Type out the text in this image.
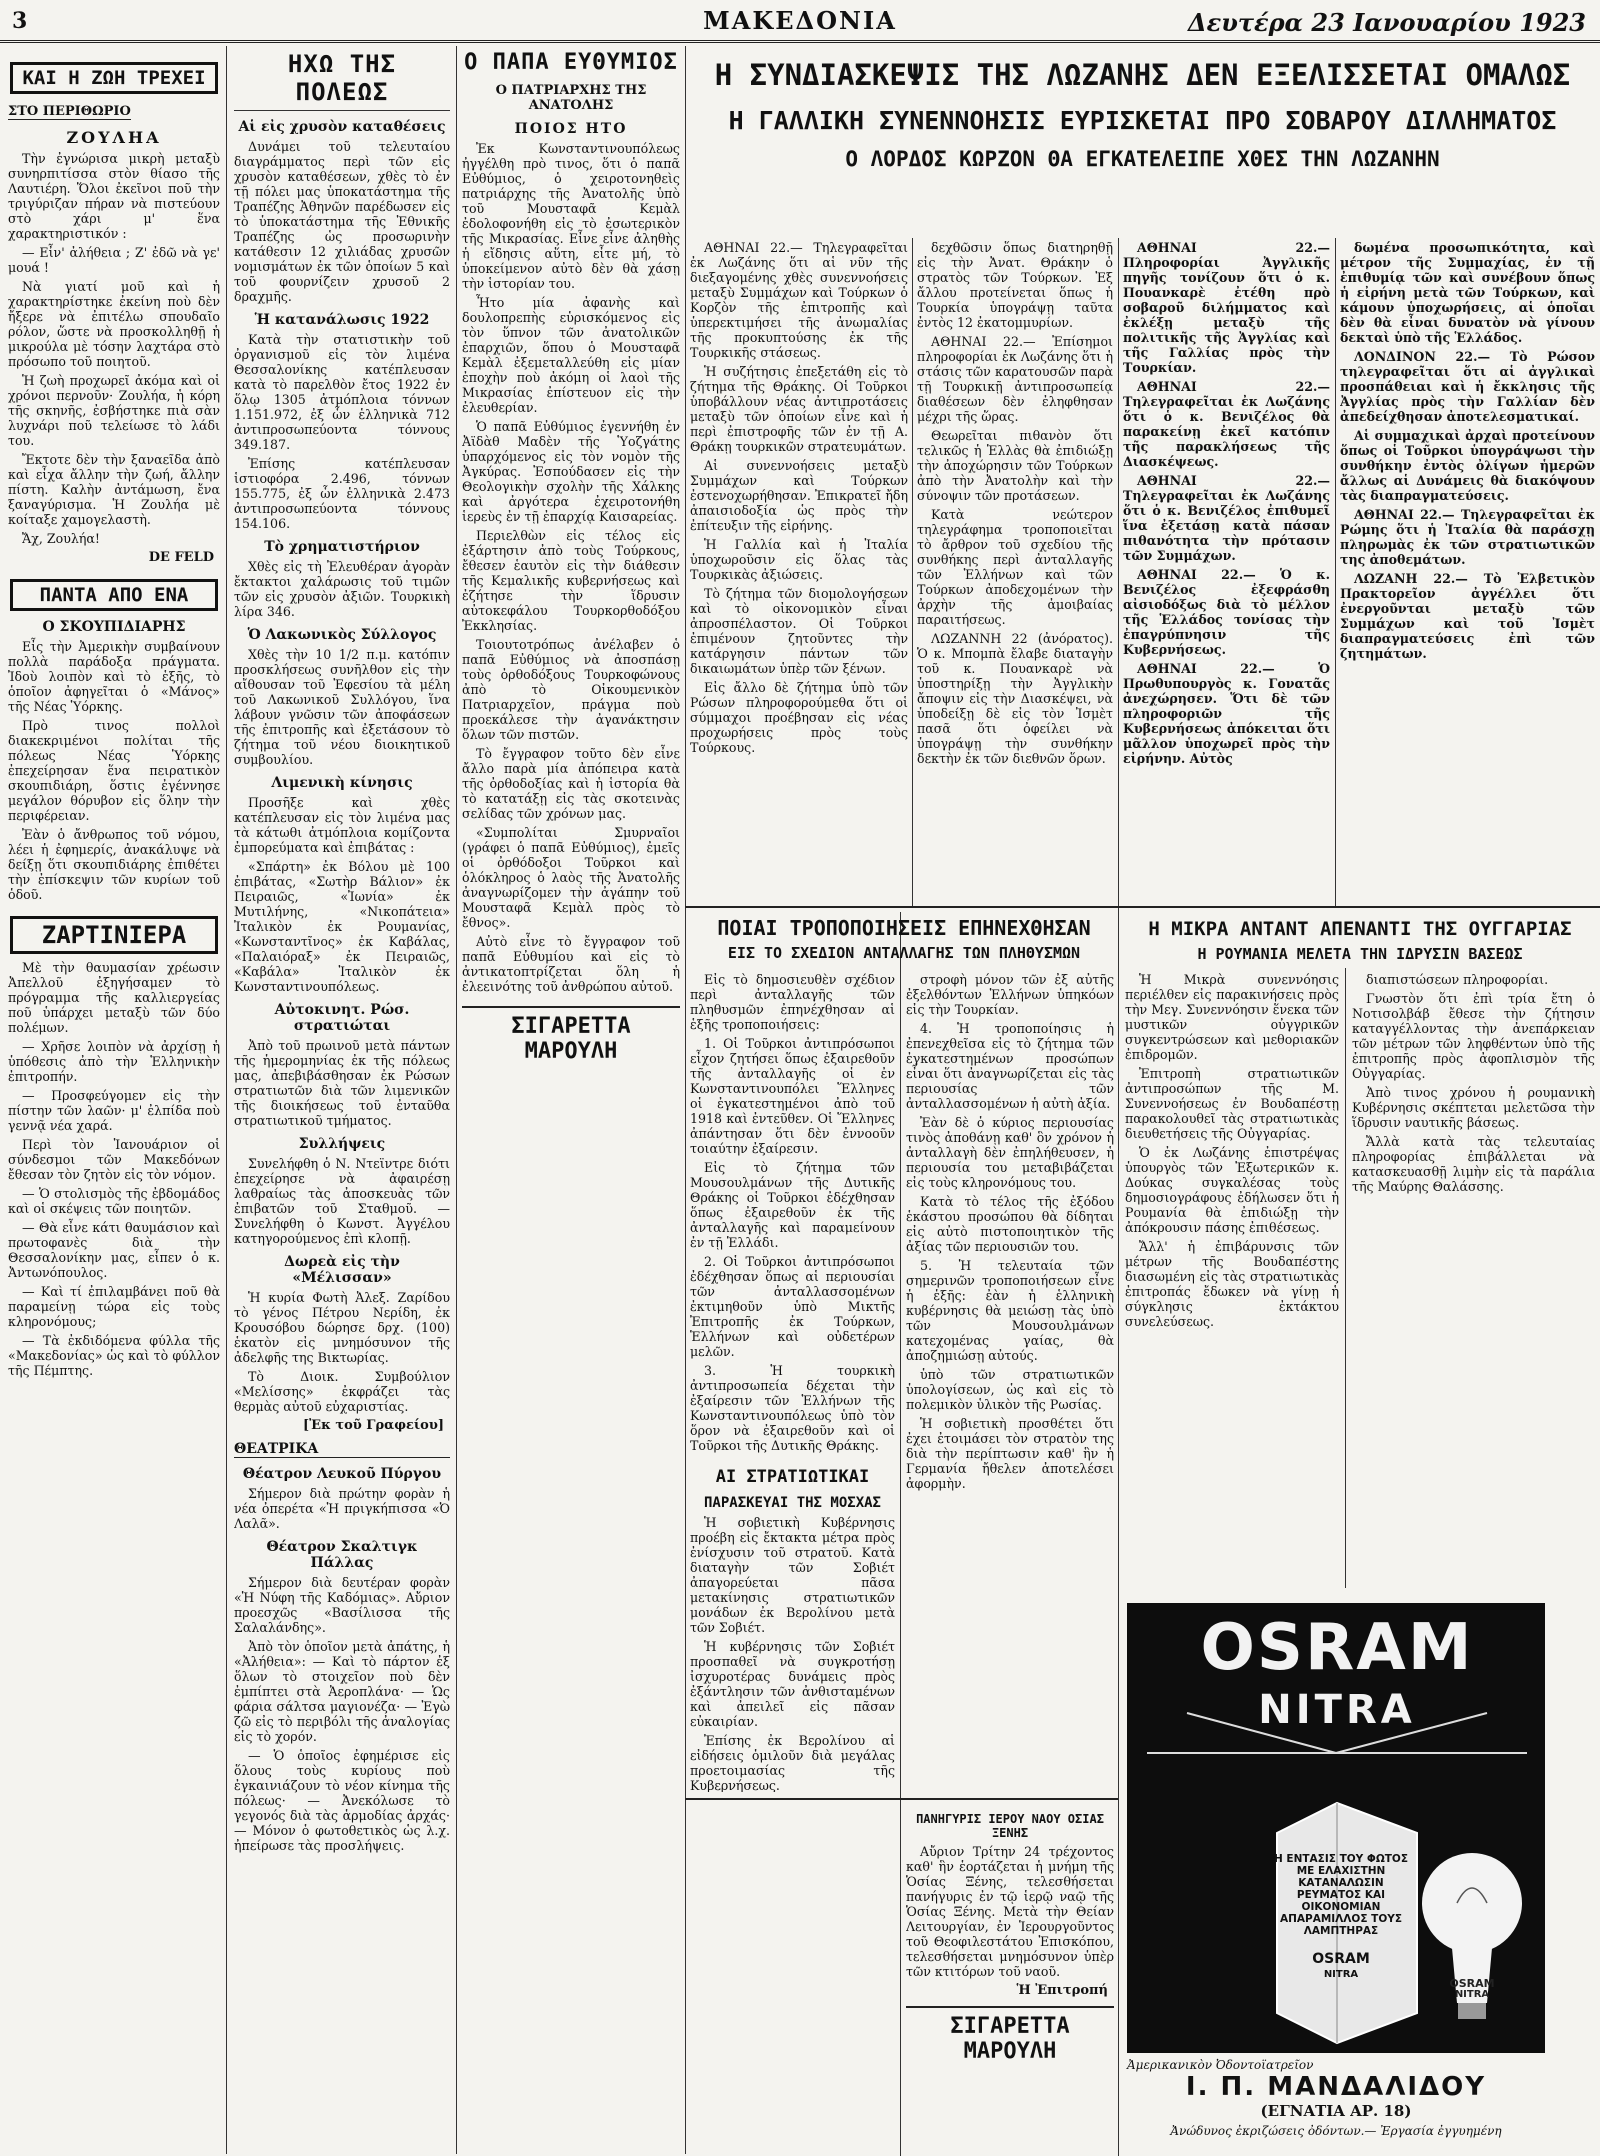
3	ΜΑΚΕΔΟΝΙΑ	Δευτέρα 23 Ιανουαρίου 1923
ΚΑΙ Η ΖΩΗ ΤΡΕΧΕΙ
ΣΤΟ ΠΕΡΙΘΩΡΙΟ
ΖΟΥΛΗΑ

Τὴν ἐγνώρισα μικρὴ μεταξὺ συνηρπιτίσσα στὸν θίασο τῆς Λαυτιέρη. Ὅλοι ἐκεῖνοι ποῦ τὴν τριγύριζαν πήραν νὰ πιστεύουν στὸ χάρι μ' ἕνα χαρακτηριστικόν :

— Εἶν' ἀλήθεια ; Ζ' ἐδῶ νὰ γε' μουά !

Νὰ γιατί μοῦ καὶ ἡ χαρακτηρίστηκε ἐκείνη ποὺ δὲν ἤξερε νὰ ἐπιτέλω σπουδαῖο ρόλον, ὥστε νὰ προσκολληθῇ ἡ μικρούλα μὲ τόσην λαχτάρα στὸ πρόσωπο τοῦ ποιητοῦ.

Ἡ ζωὴ προχωρεῖ ἀκόμα καὶ οἱ χρόνοι περνοῦν· Ζουλήα, ἡ κόρη τῆς σκηνῆς, ἐσβήστηκε πιὰ σὰν λυχνάρι ποῦ τελείωσε τὸ λάδι του.

Ἔκτοτε δὲν τὴν ξαναεῖδα ἀπὸ καὶ εἶχα ἄλλην τὴν ζωή, ἄλλην πίστη. Καλὴν ἀντάμωση, ἔνα ξαναγύρισμα. Ἡ Ζουλήα μὲ κοίταξε χαμογελαστὴ.

Ἄχ, Ζουλήα!

DE FELD
ΠΑΝΤΑ ΑΠΟ ΕΝΑ
Ο ΣΚΟΥΠΙΔΙΑΡΗΣ

Εἶς τὴν Ἀμερικὴν συμβαίνουν πολλὰ παράδοξα πράγματα. Ἰδοὺ λοιπὸν καὶ τὸ ἑξῆς, τὸ ὁποῖον ἀφηγεῖται ὁ «Μάνος» τῆς Νέας Ὑόρκης.

Πρὸ τινος πολλοὶ διακεκριμένοι πολίται τῆς πόλεως Νέας Ὑόρκης ἐπεχείρησαν ἕνα πειρατικὸν σκουπιδιάρη, ὅστις ἐγέννησε μεγάλον θόρυβον εἰς ὅλην τὴν περιφέρειαν.

Ἐὰν ὁ ἄνθρωπος τοῦ νόμου, λέει ἡ ἐφημερίς, ἀνακάλυψε νὰ δείξῃ ὅτι σκουπιδιάρης ἐπιθέτει τὴν ἐπίσκεψιν τῶν κυρίων τοῦ ὁδοῦ.

ΖΑΡΤΙΝΙΕΡΑ

Μὲ τὴν θαυμασίαν χρέωσιν Ἀπελλοῦ ἐξηγήσαμεν τὸ πρόγραμμα τῆς καλλιεργείας ποῦ ὑπάρχει μεταξὺ τῶν δύο πολέμων.

— Χρῆσε λοιπὸν νὰ ἀρχίσῃ ἡ ὑπόθεσις ἀπὸ τὴν Ἑλληνικὴν ἐπιτροπήν.

— Προσφεύγομεν εἰς τὴν πίστην τῶν λαῶν· μ' ἐλπίδα ποὺ γεννᾷ νέα χαρά.

Περὶ τὸν Ἰανουάριον οἱ σύνδεσμοι τῶν Μακεδόνων ἔθεσαν τὸν ζητὸν εἰς τὸν νόμον.

— Ὁ στολισμὸς τῆς ἐβδομάδος καὶ οἱ σκέψεις τῶν ποιητῶν.

— Θὰ εἶνε κάτι θαυμάσιον καὶ πρωτοφανὲς διὰ τὴν Θεσσαλονίκην μας, εἶπεν ὁ κ. Ἀντωνόπουλος.

— Καὶ τί ἐπιλαμβάνει ποῦ θὰ παραμείνῃ τώρα εἰς τοὺς κληρονόμους;

— Τὰ ἐκδιδόμενα φύλλα τῆς «Μακεδονίας» ὡς καὶ τὸ φύλλον τῆς Πέμπτης.

ΗΧΩ ΤΗΣ ΠΟΛΕΩΣ
Αἱ εἰς χρυσὸν καταθέσεις

Δυνάμει τοῦ τελευταίου διαγράμματος περὶ τῶν εἰς χρυσὸν καταθέσεων, χθὲς τὸ ἐν τῇ πόλει μας ὑποκατάστημα τῆς Τραπέζης Ἀθηνῶν παρέδωσεν εἰς τὸ ὑποκατάστημα τῆς Ἐθνικῆς Τραπέζης ὡς προσωρινὴν κατάθεσιν 12 χιλιάδας χρυσῶν νομισμάτων ἐκ τῶν ὁποίων 5 καὶ τοῦ φουρνίζειν χρυσοῦ 2 δραχμῆς.

Ἡ κατανάλωσις 1922

Κατὰ τὴν στατιστικὴν τοῦ ὀργανισμοῦ εἰς τὸν λιμένα Θεσσαλονίκης κατέπλευσαν κατὰ τὸ παρελθὸν ἔτος 1922 ἐν ὅλῳ 1305 ἀτμόπλοια τόννων 1.151.972, ἐξ ὧν ἑλληνικὰ 712 ἀντιπροσωπεύοντα τόννους 349.187.

Ἐπίσης κατέπλευσαν ἱστιοφόρα 2.496, τόννων 155.775, ἐξ ὧν ἑλληνικὰ 2.473 ἀντιπροσωπεύοντα τόννους 154.106.

Τὸ χρηματιστήριον

Χθὲς εἰς τὴ Ἐλευθέραν ἀγορὰν ἔκτακτοι χαλάρωσις τοῦ τιμῶν τῶν εἰς χρυσὸν ἀξιῶν. Τουρκικὴ λίρα 346.

Ὁ Λακωνικὸς Σύλλογος

Χθὲς τὴν 10 1/2 π.μ. κατόπιν προσκλήσεως συνῆλθον εἰς τὴν αἴθουσαν τοῦ Ἐφεσίου τὰ μέλη τοῦ Λακωνικοῦ Συλλόγου, ἵνα λάβουν γνῶσιν τῶν ἀποφάσεων τῆς ἐπιτροπῆς καὶ ἐξετάσουν τὸ ζήτημα τοῦ νέου διοικητικοῦ συμβουλίου.

Λιμενικὴ κίνησις

Προσῆξε καὶ χθὲς κατέπλευσαν εἰς τὸν λιμένα μας τὰ κάτωθι ἀτμόπλοια κομίζοντα ἐμπορεύματα καὶ ἐπιβάτας :

«Σπάρτη» ἐκ Βόλου μὲ 100 ἐπιβάτας, «Σωτὴρ Βάλιον» ἐκ Πειραιῶς, «Ἰωνία» ἐκ Μυτιλήνης, «Νικοπάτεια» Ἰταλικὸν ἐκ Ρουμανίας, «Κωνσταντῖνος» ἐκ Καβάλας, «Παλαιόραξ» ἐκ Πειραιῶς, «Καβάλα» Ἰταλικὸν ἐκ Κωνσταντινουπόλεως.

Αὐτοκινητ. Ρώσ. στρατιώται

Ἀπὸ τοῦ πρωινοῦ μετὰ πάντων τῆς ἡμερομηνίας ἐκ τῆς πόλεως μας, ἀπεβιβάσθησαν ἐκ Ρώσων στρατιωτῶν διὰ τῶν λιμενικῶν τῆς διοικήσεως τοῦ ἐνταῦθα στρατιωτικοῦ τμήματος.

Συλλήψεις

Συνελήφθη ὁ Ν. Ντεϊντρε διότι ἐπεχείρησε νὰ ἀφαιρέσῃ λαθραίως τὰς ἀποσκευὰς τῶν ἐπιβατῶν τοῦ Σταθμοῦ. — Συνελήφθη ὁ Κωνστ. Ἀγγέλου κατηγορούμενος ἐπὶ κλοπῇ.

Δωρεὰ εἰς τὴν «Μέλισσαν»

Ἡ κυρία Φωτὴ Ἀλεξ. Ζαρίδου τὸ γένος Πέτρου Νερίδη, ἐκ Κρουσόβου δώρησε δρχ. (100) ἑκατὸν εἰς μνημόσυνον τῆς ἀδελφῆς της Βικτωρίας.

Τὸ Διοικ. Συμβούλιον «Μελίσσης» ἐκφράζει τὰς θερμὰς αὐτοῦ εὐχαριστίας.

[Ἐκ τοῦ Γραφείου]
ΘΕΑΤΡΙΚΑ
Θέατρον Λευκοῦ Πύργου

Σήμερον διὰ πρώτην φορὰν ἡ νέα ὀπερέτα «Ἡ πριγκήπισσα «Ὀ Λαλᾶ».

Θέατρον Σκαλτιγκ Πάλλας

Σήμερον διὰ δευτέραν φορὰν «Ἡ Νύφη τῆς Καδόμιας». Αὔριον προεσχῶς «Βασίλισσα τῆς Σαλαλάνδης».

Ἀπὸ τὸν ὁποῖον μετὰ ἀπάτης, ἡ «Ἀλήθεια»: — Καὶ τὸ πάρτον ἐξ ὅλων τὸ στοιχεῖον ποὺ δὲν ἐμπίπτει στὰ Ἀεροπλάνα· — Ὡς φάρια σάλτσα μαγιονέζα· — Ἐγὼ ζῶ εἰς τὸ περιβόλι τῆς ἀναλογίας εἰς τὸ χορόν.

— Ὁ ὁποῖος ἐφημέρισε εἰς ὅλους τοὺς κυρίους ποὺ ἐγκαινιάζουν τὸ νέον κίνημα τῆς πόλεως· — Ἀνεκόλωσε τὸ γεγονός διὰ τὰς ἁρμοδίας ἀρχάς· — Μόνον ὁ φωτοθετικὸς ὡς λ.χ. ἠπείρωσε τὰς προσλήψεις.

Ο ΠΑΠΑ ΕΥΘΥΜΙΟΣ
Ο ΠΑΤΡΙΑΡΧΗΣ ΤΗΣ ΑΝΑΤΟΛΗΣ
ΠΟΙΟΣ ΗΤΟ

Ἐκ Κωνσταντινουπόλεως ἠγγέλθη πρὸ τινος, ὅτι ὁ παπᾶ Εὐθύμιος, ὁ χειροτονηθεὶς πατριάρχης τῆς Ἀνατολῆς ὑπὸ τοῦ Μουσταφᾶ Κεμὰλ ἐδολοφονήθη εἰς τὸ ἐσωτερικὸν τῆς Μικρασίας. Εἶνε εἶνε ἀληθὴς ἡ εἴδησις αὕτη, εἶτε μή, τὸ ὑποκείμενον αὐτὸ δὲν θὰ χάσῃ τὴν ἱστορίαν του.

Ἦτο μία ἀφανὴς καὶ δουλοπρεπὴς εὑρισκόμενος εἰς τὸν ὕπνον τῶν ἀνατολικῶν ἐπαρχιῶν, ὅπου ὁ Μουσταφᾶ Κεμὰλ ἐξεμεταλλεύθη εἰς μίαν ἐποχὴν ποὺ ἀκόμη οἱ λαοὶ τῆς Μικρασίας ἐπίστευον εἰς τὴν ἐλευθερίαν.

Ὁ παπᾶ Εὐθύμιος ἐγεννήθη ἐν Ἀϊδὰθ Μαδὲν τῆς Ὑοζγάτης ὑπαρχόμενος εἰς τὸν νομὸν τῆς Ἀγκύρας. Ἐσπούδασεν εἰς τὴν Θεολογικὴν σχολὴν τῆς Χάλκης καὶ ἀργότερα ἐχειροτονήθη ἱερεὺς ἐν τῇ ἐπαρχίᾳ Καισαρείας.

Περιελθὼν εἰς τέλος εἰς ἐξάρτησιν ἀπὸ τοὺς Τούρκους, ἔθεσεν ἑαυτὸν εἰς τὴν διάθεσιν τῆς Κεμαλικῆς κυβερνήσεως καὶ ἐζήτησε τὴν ἵδρυσιν αὐτοκεφάλου Τουρκορθοδόξου Ἐκκλησίας.

Τοιουτοτρόπως ἀνέλαβεν ὁ παπᾶ Εὐθύμιος νὰ ἀποσπάσῃ τοὺς ὀρθοδόξους Τουρκοφώνους ἀπὸ τὸ Οἰκουμενικὸν Πατριαρχεῖον, πράγμα ποὺ προεκάλεσε τὴν ἀγανάκτησιν ὅλων τῶν πιστῶν.

Τὸ ἔγγραφον τοῦτο δὲν εἶνε ἄλλο παρὰ μία ἀπόπειρα κατὰ τῆς ὀρθοδοξίας καὶ ἡ ἱστορία θὰ τὸ κατατάξῃ εἰς τὰς σκοτεινὰς σελίδας τῶν χρόνων μας.

«Συμπολίται Σμυρναῖοι (γράφει ὁ παπᾶ Εὐθύμιος), ἐμεῖς οἱ ὀρθόδοξοι Τοῦρκοι καὶ ὁλόκληρος ὁ λαὸς τῆς Ἀνατολῆς ἀναγνωρίζομεν τὴν ἀγάπην τοῦ Μουσταφᾶ Κεμὰλ πρὸς τὸ ἔθνος».

Αὐτὸ εἶνε τὸ ἔγγραφον τοῦ παπᾶ Εὐθυμίου καὶ εἰς τὸ ἀντικατοπτρίζεται ὅλη ἡ ἐλεεινότης τοῦ ἀνθρώπου αὐτοῦ.

ΣΙΓΑΡΕΤΤΑ ΜΑΡΟΥΛΗ
Η ΣΥΝΔΙΑΣΚΕΨΙΣ ΤΗΣ ΛΩΖΑΝΗΣ ΔΕΝ ΕΞΕΛΙΣΣΕΤΑΙ ΟΜΑΛΩΣ
Η ΓΑΛΛΙΚΗ ΣΥΝΕΝΝΟΗΣΙΣ ΕΥΡΙΣΚΕΤΑΙ ΠΡΟ ΣΟΒΑΡΟΥ ΔΙΛΛΗΜΑΤΟΣ
Ο ΛΟΡΔΟΣ ΚΩΡΖΟΝ ΘΑ ΕΓΚΑΤΕΛΕΙΠΕ ΧΘΕΣ ΤΗΝ ΛΩΖΑΝΗΝ

ΑΘΗΝΑΙ 22.— Τηλεγραφεῖται ἐκ Λωζάνης ὅτι αἱ νῦν τῆς διεξαγομένης χθὲς συνεννοήσεις μεταξὺ Συμμάχων καὶ Τούρκων ὁ Κορζὸν τῆς ἐπιτροπῆς καὶ ὑπερεκτιμήσει τῆς ἀνωμαλίας τῆς προκυπτούσης ἐκ τῆς Τουρκικῆς στάσεως.

Ἡ συζήτησις ἐπεξετάθη εἰς τὸ ζήτημα τῆς Θράκης. Οἱ Τοῦρκοι ὑποβάλλουν νέας ἀντιπροτάσεις μεταξὺ τῶν ὁποίων εἶνε καὶ ἡ περὶ ἐπιστροφῆς τῶν ἐν τῇ Α. Θράκῃ τουρκικῶν στρατευμάτων.

Αἱ συνεννοήσεις μεταξὺ Συμμάχων καὶ Τούρκων ἐστενοχωρήθησαν. Ἐπικρατεῖ ἤδη ἀπαισιοδοξία ὡς πρὸς τὴν ἐπίτευξιν τῆς εἰρήνης.

Ἡ Γαλλία καὶ ἡ Ἰταλία ὑποχωροῦσιν εἰς ὅλας τὰς Τουρκικὰς ἀξιώσεις.

Τὸ ζήτημα τῶν διομολογήσεων καὶ τὸ οἰκονομικὸν εἶναι ἀπροσπέλαστον. Οἱ Τοῦρκοι ἐπιμένουν ζητοῦντες τὴν κατάργησιν πάντων τῶν δικαιωμάτων ὑπὲρ τῶν ξένων.

Εἰς ἄλλο δὲ ζήτημα ὑπὸ τῶν Ρώσων πληροφορούμεθα ὅτι οἱ σύμμαχοι προέβησαν εἰς νέας προχωρήσεις πρὸς τοὺς Τούρκους.

δεχθῶσιν ὅπως διατηρηθῇ εἰς τὴν Ἀνατ. Θράκην ὁ στρατὸς τῶν Τούρκων. Ἐξ ἄλλου προτείνεται ὅπως ἡ Τουρκία ὑπογράψῃ ταῦτα ἐντὸς 12 ἐκατομμυρίων.

ΑΘΗΝΑΙ 22.— Ἐπίσημοι πληροφορίαι ἐκ Λωζάνης ὅτι ἡ στάσις τῶν καρατουσῶν παρὰ τῇ Τουρκικῇ ἀντιπροσωπείᾳ διαθέσεων δὲν ἐληφθησαν μέχρι τῆς ὥρας.

Θεωρεῖται πιθανὸν ὅτι τελικῶς ἡ Ἑλλὰς θὰ ἐπιδιώξῃ τὴν ἀποχώρησιν τῶν Τούρκων ἀπὸ τὴν Ἀνατολὴν καὶ τὴν σύνοψιν τῶν προτάσεων.

Κατὰ νεώτερον τηλεγράφημα τροποποιεῖται τὸ ἄρθρον τοῦ σχεδίου τῆς συνθήκης περὶ ἀνταλλαγῆς τῶν Ἑλλήνων καὶ τῶν Τούρκων ἀποδεχομένων τὴν ἀρχὴν τῆς ἀμοιβαίας παραιτήσεως.

ΛΩΖΑΝΝΗ 22 (ἀνόρατος). Ὁ κ. Μπομπὰ ἔλαβε διαταγὴν τοῦ κ. Πουανκαρὲ νὰ ὑποστηρίξῃ τὴν Ἀγγλικὴν ἄποψιν εἰς τὴν Διασκέψει, νὰ ὑποδείξῃ δὲ εἰς τὸν Ἰσμὲτ πασᾶ ὅτι ὀφείλει νὰ ὑπογράψῃ τὴν συνθήκην δεκτὴν ἐκ τῶν διεθνῶν ὅρων.

ΑΘΗΝΑΙ 22.— Πληροφορίαι Ἀγγλικῆς πηγῆς τονίζουν ὅτι ὁ κ. Πουανκαρὲ ἐτέθη πρὸ σοβαροῦ διλήμματος καὶ ἐκλέξῃ μεταξὺ τῆς πολιτικῆς τῆς Ἀγγλίας καὶ τῆς Γαλλίας πρὸς τὴν Τουρκίαν.

ΑΘΗΝΑΙ 22.— Τηλεγραφεῖται ἐκ Λωζάνης ὅτι ὁ κ. Βενιζέλος θὰ παρακείνῃ ἐκεῖ κατόπιν τῆς παρακλήσεως τῆς Διασκέψεως.

ΑΘΗΝΑΙ 22.— Τηλεγραφεῖται ἐκ Λωζάνης ὅτι ὁ κ. Βενιζέλος ἐπιθυμεῖ ἵνα ἐξετάσῃ κατὰ πάσαν πιθανότητα τὴν πρότασιν τῶν Συμμάχων.

ΑΘΗΝΑΙ 22.— Ὁ κ. Βενιζέλος ἐξεφράσθη αἰσιοδόξως διὰ τὸ μέλλον τῆς Ἑλλάδος τονίσας τὴν ἐπαγρύπνησιν τῆς Κυβερνήσεως.

ΑΘΗΝΑΙ 22.— Ὁ Πρωθυπουργὸς κ. Γονατᾶς ἀνεχώρησεν. Ὅτι δὲ τῶν πληροφοριῶν τῆς Κυβερνήσεως ἀπόκειται ὅτι μᾶλλον ὑποχωρεῖ πρὸς τὴν εἰρήνην. Αὐτὸς

δωμένα προσωπικότητα, καὶ μέτρον τῆς Συμμαχίας, ἐν τῇ ἐπιθυμίᾳ τῶν καὶ συνέβουν ὅπως ἡ εἰρήνη μετὰ τῶν Τούρκων, καὶ κάμουν ὑποχωρήσεις, αἱ ὁποῖαι δὲν θὰ εἶναι δυνατὸν νὰ γίνουν δεκταὶ ὑπὸ τῆς Ἑλλάδος.

ΛΟΝΔΙΝΟΝ 22.— Τὸ Ρώσον τηλεγραφεῖται ὅτι αἱ ἀγγλικαὶ προσπάθειαι καὶ ἡ ἔκκλησις τῆς Ἀγγλίας πρὸς τὴν Γαλλίαν δὲν ἀπεδείχθησαν ἀποτελεσματικαί.

Αἱ συμμαχικαὶ ἀρχαὶ προτείνουν ὅπως οἱ Τοῦρκοι ὑπογράψωσι τὴν συνθήκην ἐντὸς ὀλίγων ἡμερῶν ἄλλως αἱ Δυνάμεις θὰ διακόψουν τὰς διαπραγματεύσεις.

ΑΘΗΝΑΙ 22.— Τηλεγραφεῖται ἐκ Ρώμης ὅτι ἡ Ἰταλία θὰ παράσχῃ πληρωμὰς ἐκ τῶν στρατιωτικῶν της ἀποθεμάτων.

ΛΩΖΑΝΗ 22.— Τὸ Ἑλβετικὸν Πρακτορεῖον ἀγγέλλει ὅτι ἐνεργοῦνται μεταξὺ τῶν Συμμάχων καὶ τοῦ Ἰσμὲτ διαπραγματεύσεις ἐπὶ τῶν ζητημάτων.

ΠΟΙΑΙ ΤΡΟΠΟΠΟΙΗΣΕΙΣ ΕΠΗΝΕΧΘΗΣΑΝ
ΕΙΣ ΤΟ ΣΧΕΔΙΟΝ ΑΝΤΑΛΛΑΓΗΣ ΤΩΝ ΠΛΗΘΥΣΜΩΝ

Εἰς τὸ δημοσιευθὲν σχέδιον περὶ ἀνταλλαγῆς τῶν πληθυσμῶν ἐπηνέχθησαν αἱ ἑξῆς τροποποιήσεις:

1. Οἱ Τοῦρκοι ἀντιπρόσωποι εἶχον ζητήσει ὅπως ἐξαιρεθοῦν τῆς ἀνταλλαγῆς οἱ ἐν Κωνσταντινουπόλει Ἕλληνες οἱ ἐγκατεστημένοι ἀπὸ τοῦ 1918 καὶ ἐντεῦθεν. Οἱ Ἕλληνες ἀπάντησαν ὅτι δὲν ἐννοοῦν τοιαύτην ἐξαίρεσιν.

Εἰς τὸ ζήτημα τῶν Μουσουλμάνων τῆς Δυτικῆς Θράκης οἱ Τοῦρκοι ἐδέχθησαν ὅπως ἐξαιρεθοῦν ἐκ τῆς ἀνταλλαγῆς καὶ παραμείνουν ἐν τῇ Ἑλλάδι.

2. Οἱ Τοῦρκοι ἀντιπρόσωποι ἐδέχθησαν ὅπως αἱ περιουσίαι τῶν ἀνταλλασσομένων ἐκτιμηθοῦν ὑπὸ Μικτῆς Ἐπιτροπῆς ἐκ Τούρκων, Ἑλλήνων καὶ οὐδετέρων μελῶν.

3. Ἡ τουρκικὴ ἀντιπροσωπεία δέχεται τὴν ἐξαίρεσιν τῶν Ἑλλήνων τῆς Κωνσταντινουπόλεως ὑπὸ τὸν ὅρον νὰ ἐξαιρεθοῦν καὶ οἱ Τοῦρκοι τῆς Δυτικῆς Θράκης.

ΑΙ ΣΤΡΑΤΙΩΤΙΚΑΙ
ΠΑΡΑΣΚΕΥΑΙ ΤΗΣ ΜΟΣΧΑΣ

Ἡ σοβιετικὴ Κυβέρνησις προέβη εἰς ἔκτακτα μέτρα πρὸς ἐνίσχυσιν τοῦ στρατοῦ. Κατὰ διαταγὴν τῶν Σοβιέτ ἀπαγορεύεται πᾶσα μετακίνησις στρατιωτικῶν μονάδων ἐκ Βερολίνου μετὰ τῶν Σοβιέτ.

Ἡ κυβέρνησις τῶν Σοβιέτ προσπαθεῖ νὰ συγκροτήσῃ ἰσχυροτέρας δυνάμεις πρὸς ἐξάντλησιν τῶν ἀνθισταμένων καὶ ἀπειλεῖ εἰς πᾶσαν εὐκαιρίαν.

Ἐπίσης ἐκ Βερολίνου αἱ εἰδήσεις ὁμιλοῦν διὰ μεγάλας προετοιμασίας τῆς Κυβερνήσεως.

στροφὴ μόνον τῶν ἐξ αὐτῆς ἐξελθόντων Ἑλλήνων ὑπηκόων εἰς τὴν Τουρκίαν.

4. Ἡ τροποποίησις ἡ ἐπενεχθεῖσα εἰς τὸ ζήτημα τῶν ἐγκατεστημένων προσώπων εἶναι ὅτι ἀναγνωρίζεται εἰς τὰς περιουσίας τῶν ἀνταλλασσομένων ἡ αὐτὴ ἀξία.

Ἐὰν δὲ ὁ κύριος περιουσίας τινὸς ἀποθάνῃ καθ' ὃν χρόνον ἡ ἀνταλλαγὴ δὲν ἐπηλήθευσεν, ἡ περιουσία του μεταβιβάζεται εἰς τοὺς κληρονόμους του.

Κατὰ τὸ τέλος τῆς ἐξόδου ἑκάστου προσώπου θὰ δίδηται εἰς αὐτὸ πιστοποιητικὸν τῆς ἀξίας τῶν περιουσιῶν του.

5. Ἡ τελευταία τῶν σημερινῶν τροποποιήσεων εἶνε ἡ ἑξῆς: ἐὰν ἡ ἑλληνικὴ κυβέρνησις θὰ μειώσῃ τὰς ὑπὸ τῶν Μουσουλμάνων κατεχομένας γαίας, θὰ ἀποζημιώσῃ αὐτούς.

ὑπὸ τῶν στρατιωτικῶν ὑπολογίσεων, ὡς καὶ εἰς τὸ πολεμικὸν ὑλικὸν τῆς Ρωσίας.

Ἡ σοβιετικὴ προσθέτει ὅτι ἐχει ἐτοιμάσει τὸν στρατὸν της διὰ τὴν περίπτωσιν καθ' ἣν ἡ Γερμανία ἤθελεν ἀποτελέσει ἀφορμὴν.

ΠΑΝΗΓΥΡΙΣ ΙΕΡΟΥ ΝΑΟΥ ΟΣΙΑΣ ΞΕΝΗΣ

Αὔριον Τρίτην 24 τρέχοντος καθ' ἣν ἑορτάζεται ἡ μνήμη τῆς Ὁσίας Ξένης, τελεσθήσεται πανήγυρις ἐν τῷ ἱερῷ ναῷ τῆς Ὁσίας Ξένης. Μετὰ τὴν Θείαν Λειτουργίαν, ἐν Ἱερουργοῦντος τοῦ Θεοφιλεστάτου Ἐπισκόπου, τελεσθήσεται μνημόσυνον ὑπὲρ τῶν κτιτόρων τοῦ ναοῦ.

Ἡ Ἐπιτροπή
ΣΙΓΑΡΕΤΤΑ ΜΑΡΟΥΛΗ
Η ΜΙΚΡΑ ΑΝΤΑΝΤ ΑΠΕΝΑΝΤΙ ΤΗΣ ΟΥΓΓΑΡΙΑΣ
Η ΡΟΥΜΑΝΙΑ ΜΕΛΕΤΑ ΤΗΝ ΙΔΡΥΣΙΝ ΒΑΣΕΩΣ

Ἡ Μικρὰ συνεννόησις περιέλθεν εἰς παρακινήσεις πρὸς τὴν Μεγ. Συνεννόησιν ἕνεκα τῶν μυστικῶν οὐγγρικῶν συγκεντρώσεων καὶ μεθοριακῶν ἐπιδρομῶν.

Ἐπιτροπὴ στρατιωτικῶν ἀντιπροσώπων τῆς Μ. Συνεννοήσεως ἐν Βουδαπέστῃ παρακολουθεῖ τὰς στρατιωτικὰς διευθετήσεις τῆς Οὐγγαρίας.

Ὁ ἐκ Λωζάνης ἐπιστρέψας ὑπουργὸς τῶν Ἐξωτερικῶν κ. Δούκας συγκαλέσας τοὺς δημοσιογράφους ἐδήλωσεν ὅτι ἡ Ρουμανία θὰ ἐπιδιώξῃ τὴν ἀπόκρουσιν πάσης ἐπιθέσεως.

Ἄλλ' ἡ ἐπιβάρυνσις τῶν μέτρων τῆς Βουδαπέστης διασωμένη εἰς τὰς στρατιωτικὰς ἐπιτροπάς ἔδωκεν νὰ γίνῃ ἡ σύγκλησις ἐκτάκτου συνελεύσεως.

διαπιστώσεων πληροφορίαι.

Γνωστὸν ὅτι ἐπὶ τρία ἔτη ὁ Νοτισολβάβ ἔθεσε τὴν ζήτησιν καταγγέλλοντας τὴν ἀνεπάρκειαν τῶν μέτρων τῶν ληφθέντων ὑπὸ τῆς ἐπιτροπῆς πρὸς ἀφοπλισμὸν τῆς Οὐγγαρίας.

Ἀπὸ τινος χρόνου ἡ ρουμανικὴ Κυβέρνησις σκέπτεται μελετῶσα τὴν ἵδρυσιν ναυτικῆς βάσεως.

Ἄλλὰ κατὰ τὰς τελευταίας πληροφορίας ἐπιβάλλεται νὰ κατασκευασθῇ λιμὴν εἰς τὰ παράλια τῆς Μαύρης Θαλάσσης.

OSRAM
NITRA
Η ΕΝΤΑΣΙΣ ΤΟΥ ΦΩΤΟΣ ΜΕ ΕΛΑΧΙΣΤΗΝ ΚΑΤΑΝΑΛΩΣΙΝ ΡΕΥΜΑΤΟΣ ΚΑΙ ΟΙΚΟΝΟΜΙΑΝ ΑΠΑΡΑΜΙΛΛΟΣ ΤΟΥΣ ΛΑΜΠΤΗΡΑΣ
OSRAM
NITRA
OSRAM
NITRA
Ἀμερικανικὸν Ὀδοντοϊατρεῖον
Ι. Π. ΜΑΝΔΑΛΙΔΟΥ
(ΕΓΝΑΤΙΑ ΑΡ. 18)
Ἀνώδυνος ἐκριζώσεις ὀδόντων.— Ἐργασία ἐγγυημένη
